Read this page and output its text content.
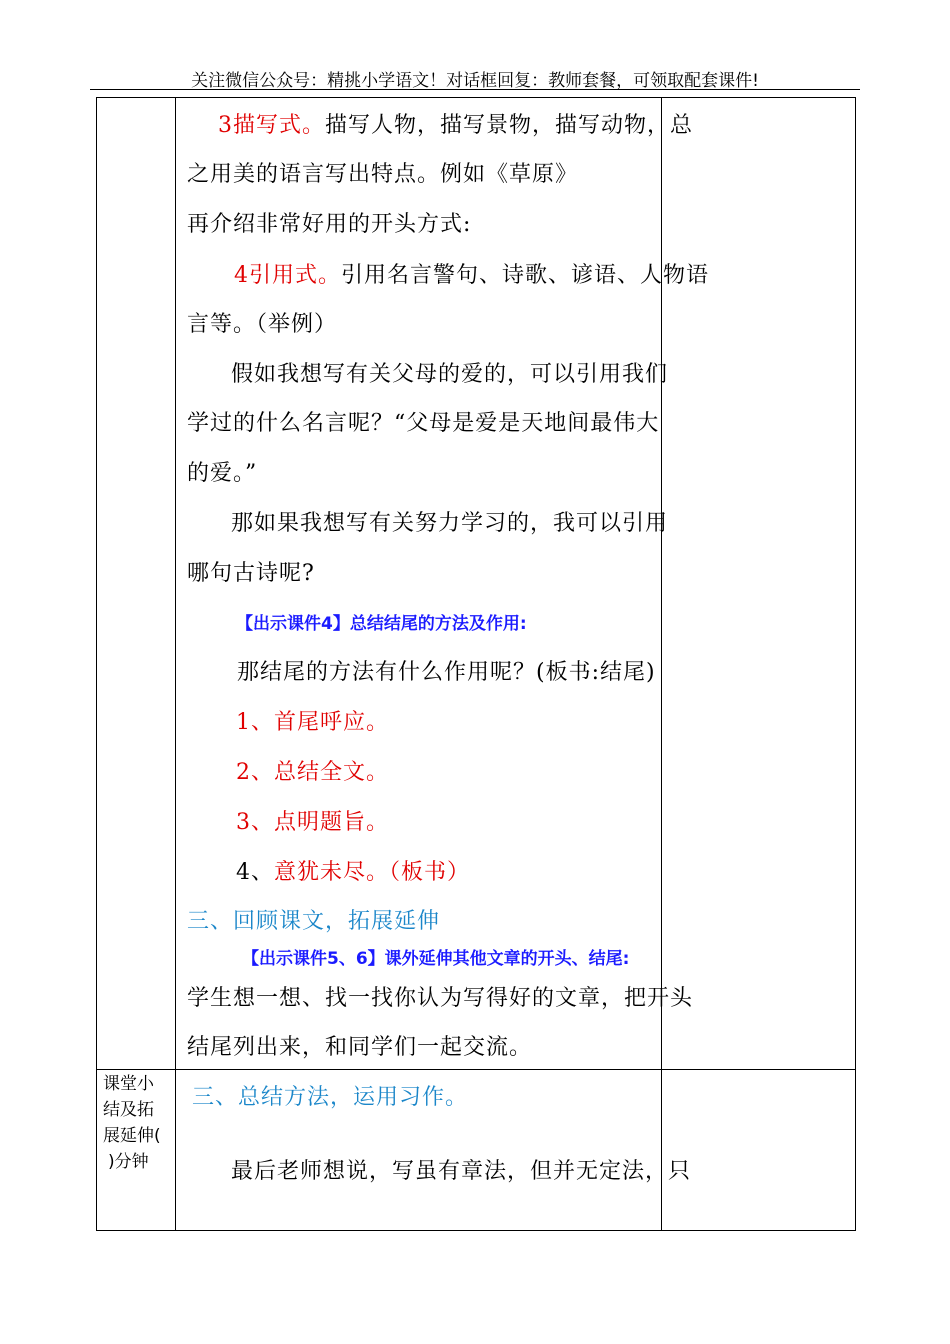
关注微信公众号：精挑小学语文！对话框回复：教师套餐，可领取配套课件!
3描写式。描写人物，描写景物，描写动物，总
之用美的语言写出特点。例如《草原》
再介绍非常好用的开头方式:
4引用式。引用名言警句、诗歌、谚语、人物语
言等。（举例）
假如我想写有关父母的爱的，可以引用我们
学过的什么名言呢？“父母是爱是天地间最伟大
的爱。”
那如果我想写有关努力学习的，我可以引用
哪句古诗呢?
【出示课件4】总结结尾的方法及作用:
那结尾的方法有什么作用呢？(板书:结尾)
1、首尾呼应。
2、总结全文。
3、点明题旨。
4、意犹未尽。（板书）
三、回顾课文，拓展延伸
【出示课件5、6】课外延伸其他文章的开头、结尾:
学生想一想、找一找你认为写得好的文章，把开头
结尾列出来，和同学们一起交流。
课堂小
结及拓
展延伸(
)分钟
三、总结方法，运用习作。
最后老师想说，写虽有章法，但并无定法，只
